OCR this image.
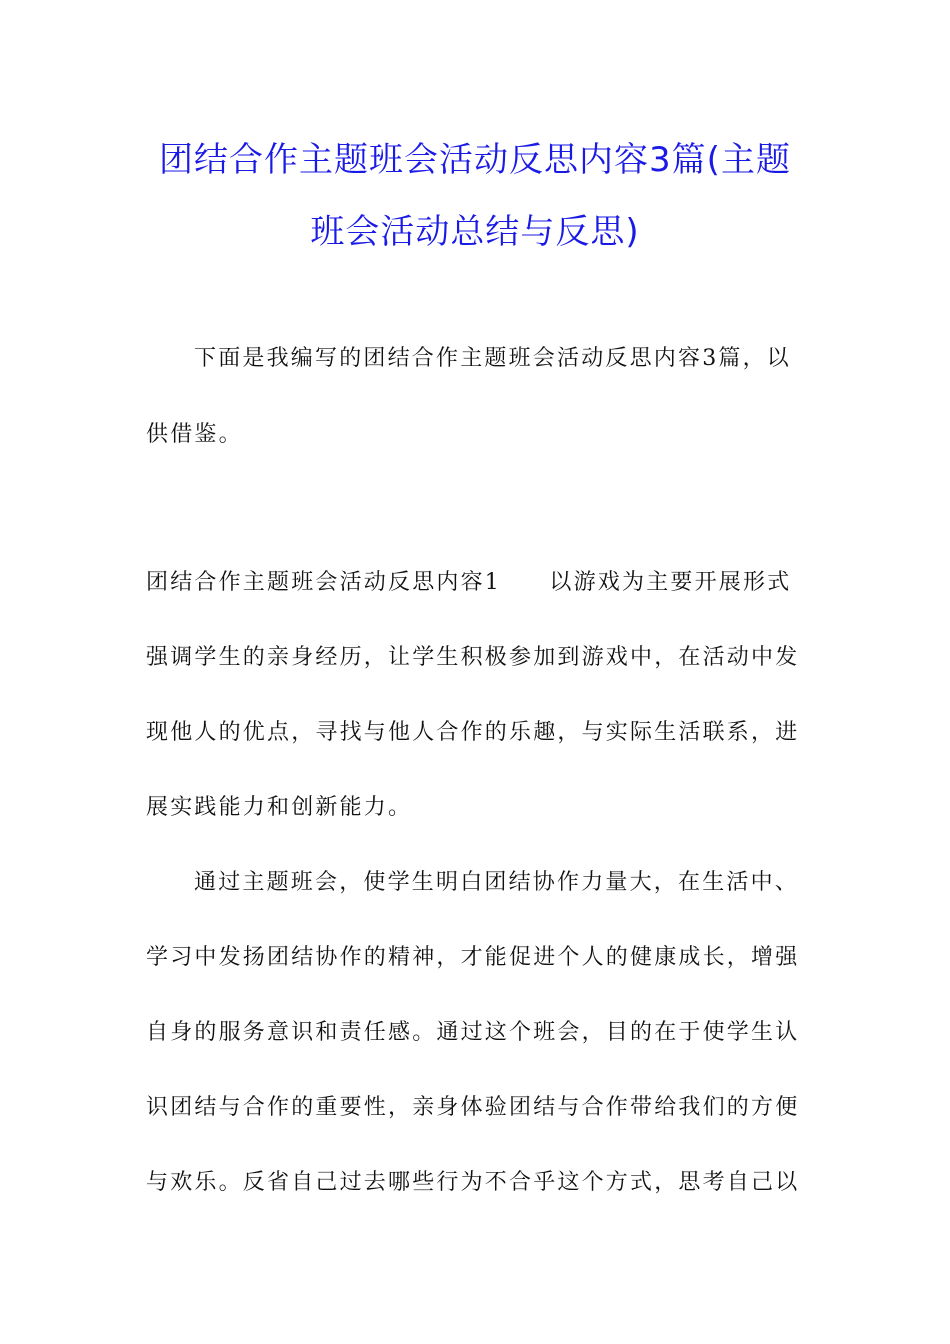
团结合作主题班会活动反思内容3篇(主题
班会活动总结与反思)

下面是我编写的团结合作主题班会活动反思内容3篇，以

供借鉴。

团结合作主题班会活动反思内容1　　以游戏为主要开展形式

强调学生的亲身经历，让学生积极参加到游戏中，在活动中发

现他人的优点，寻找与他人合作的乐趣，与实际生活联系，进

展实践能力和创新能力。

通过主题班会，使学生明白团结协作力量大，在生活中、

学习中发扬团结协作的精神，才能促进个人的健康成长，增强

自身的服务意识和责任感。通过这个班会，目的在于使学生认

识团结与合作的重要性，亲身体验团结与合作带给我们的方便

与欢乐。反省自己过去哪些行为不合乎这个方式，思考自己以
